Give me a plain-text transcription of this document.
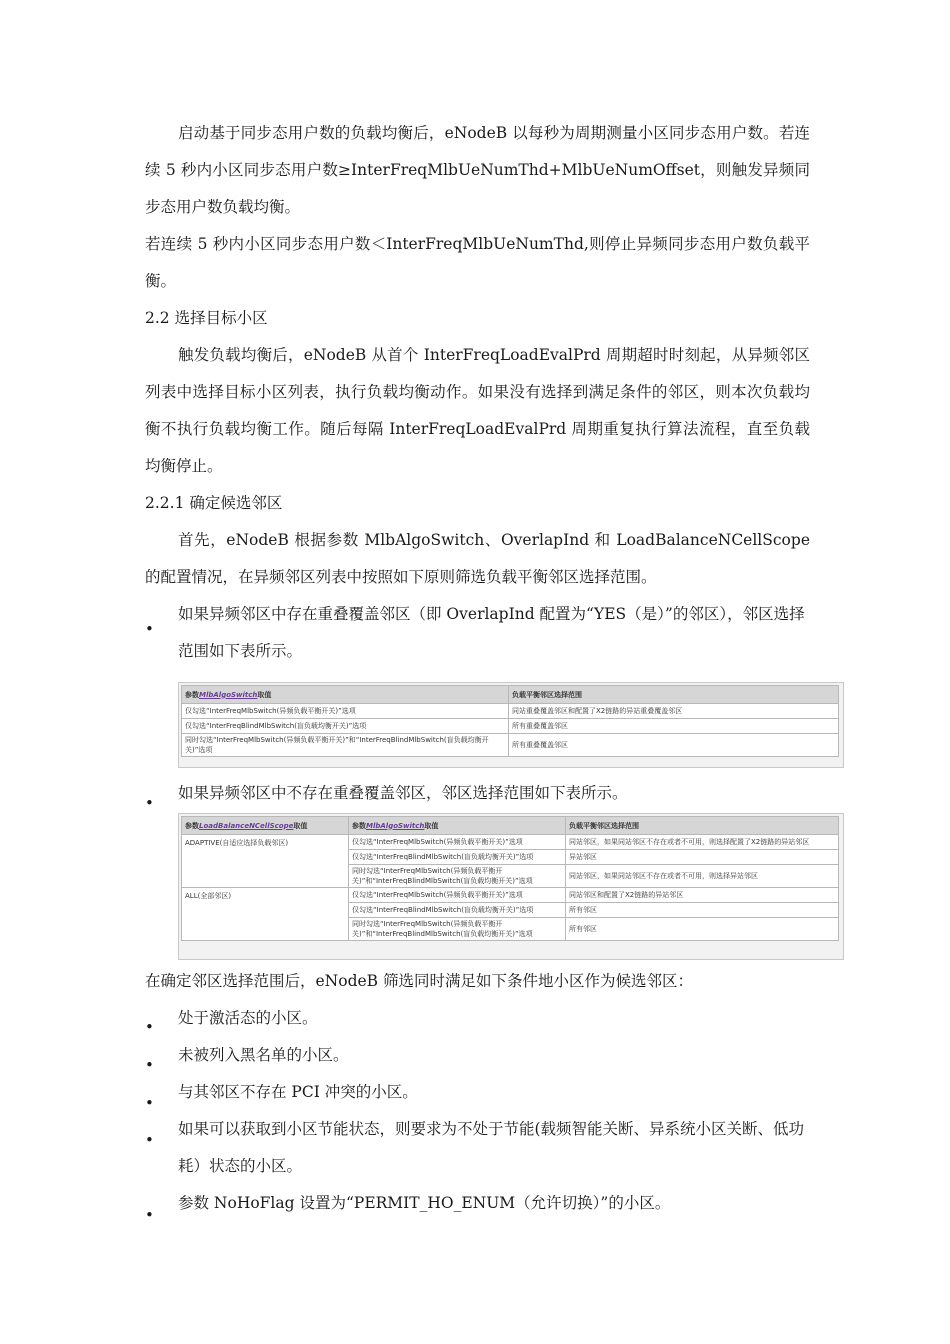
启动基于同步态用户数的负载均衡后，eNodeB 以每秒为周期测量小区同步态用户数。若连续 5 秒内小区同步态用户数≥InterFreqMlbUeNumThd+MlbUeNumOffset，则触发异频同步态用户数负载均衡。

若连续 5 秒内小区同步态用户数＜InterFreqMlbUeNumThd,则停止异频同步态用户数负载平衡。

2.2 选择目标小区

触发负载均衡后，eNodeB 从首个 InterFreqLoadEvalPrd 周期超时时刻起，从异频邻区列表中选择目标小区列表，执行负载均衡动作。如果没有选择到满足条件的邻区，则本次负载均衡不执行负载均衡工作。随后每隔 InterFreqLoadEvalPrd 周期重复执行算法流程，直至负载均衡停止。

2.2.1 确定候选邻区

首先，eNodeB 根据参数 MlbAlgoSwitch、OverlapInd 和 LoadBalanceNCellScope 的配置情况，在异频邻区列表中按照如下原则筛选负载平衡邻区选择范围。

•

如果异频邻区中存在重叠覆盖邻区（即 OverlapInd 配置为“YES（是）”的邻区），邻区选择范围如下表所示。

参数MlbAlgoSwitch取值	负载平衡邻区选择范围
仅勾选“InterFreqMlbSwitch(异频负载平衡开关)”选项	同站重叠覆盖邻区和配置了X2链路的异站重叠覆盖邻区
仅勾选“InterFreqBlindMlbSwitch(盲负载均衡开关)”选项	所有重叠覆盖邻区
同时勾选“InterFreqMlbSwitch(异频负载平衡开关)”和“InterFreqBlindMlbSwitch(盲负载均衡开关)”选项	所有重叠覆盖邻区
•

如果异频邻区中不存在重叠覆盖邻区，邻区选择范围如下表所示。

参数LoadBalanceNCellScope取值	参数MlbAlgoSwitch取值	负载平衡邻区选择范围
ADAPTIVE(自适应选择负载邻区)	仅勾选“InterFreqMlbSwitch(异频负载平衡开关)”选项	同站邻区，如果同站邻区不存在或者不可用，则选择配置了X2链路的异站邻区
	仅勾选“InterFreqBlindMlbSwitch(盲负载均衡开关)”选项	异站邻区
	同时勾选“InterFreqMlbSwitch(异频负载平衡开关)”和“InterFreqBlindMlbSwitch(盲负载均衡开关)”选项	同站邻区，如果同站邻区不存在或者不可用，则选择异站邻区
ALL(全部邻区)	仅勾选“InterFreqMlbSwitch(异频负载平衡开关)”选项	同站邻区和配置了X2链路的异站邻区
	仅勾选“InterFreqBlindMlbSwitch(盲负载均衡开关)”选项	所有邻区
	同时勾选“InterFreqMlbSwitch(异频负载平衡开关)”和“InterFreqBlindMlbSwitch(盲负载均衡开关)”选项	所有邻区

在确定邻区选择范围后，eNodeB 筛选同时满足如下条件地小区作为候选邻区：

•

处于激活态的小区。

•

未被列入黑名单的小区。

•

与其邻区不存在 PCI 冲突的小区。

•

如果可以获取到小区节能状态，则要求为不处于节能(载频智能关断、异系统小区关断、低功耗）状态的小区。

•

参数 NoHoFlag 设置为“PERMIT_HO_ENUM（允许切换）”的小区。
